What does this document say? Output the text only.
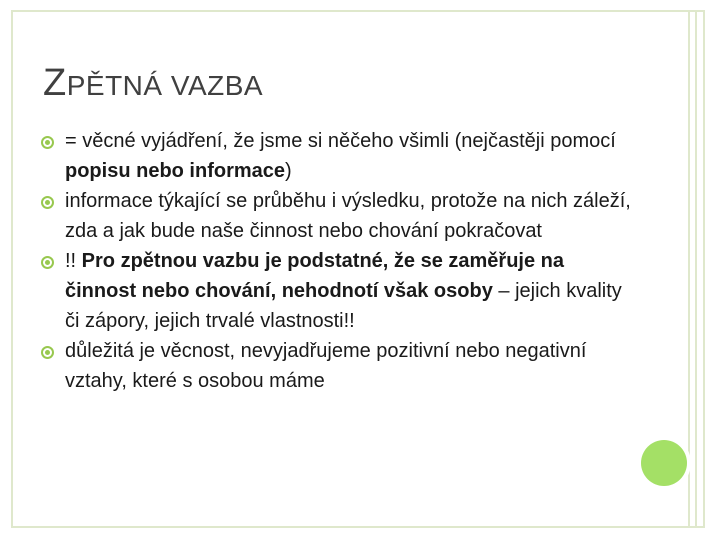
ZPĚTNÁ VAZBA
= věcné vyjádření, že jsme si něčeho všimli (nejčastěji pomocí popisu nebo informace)
informace týkající se průběhu i výsledku, protože na nich záleží, zda a jak bude naše činnost nebo chování pokračovat
!! Pro zpětnou vazbu je podstatné, že se zaměřuje na činnost nebo chování, nehodnotí však osoby – jejich kvality či zápory, jejich trvalé vlastnosti!!
důležitá je věcnost, nevyjadřujeme pozitivní nebo negativní vztahy, které s osobou máme
